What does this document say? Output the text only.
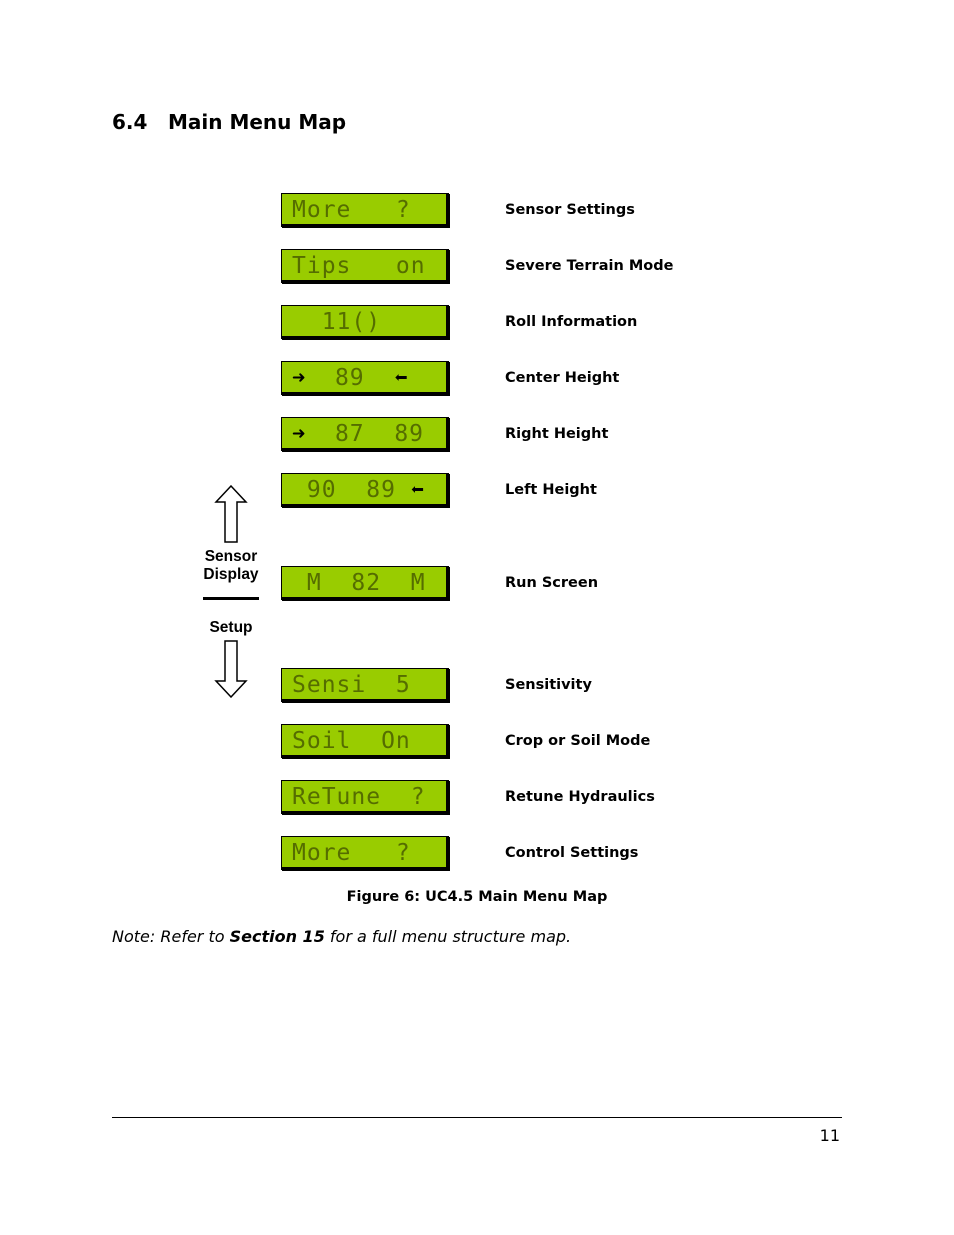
6.4 Main Menu Map
More   ?	Sensor Settings
Tips   on	Severe Terrain Mode
11()	Roll Information
➜  89  ⬅	Center Height
➜  87  89	Right Height
90  89 ⬅	Left Height
M  82  M	Run Screen
Sensi  5	Sensitivity
Soil  On	Crop or Soil Mode
ReTune  ?	Retune Hydraulics
More   ?	Control Settings
Sensor
Display
Setup
Figure 6: UC4.5 Main Menu Map
Note: Refer to Section 15 for a full menu structure map.
11
